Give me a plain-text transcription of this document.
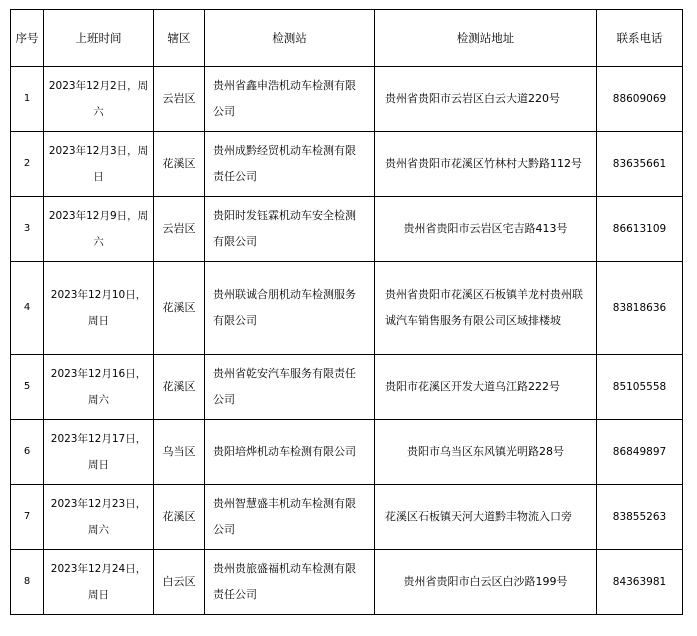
序号	上班时间	辖区	检测站	检测站地址	联系电话
1	2023年12月2日，周六	云岩区	贵州省鑫申浩机动车检测有限公司	贵州省贵阳市云岩区白云大道220号	88609069
2	2023年12月3日，周日	花溪区	贵州成黔经贸机动车检测有限责任公司	贵州省贵阳市花溪区竹林村大黔路112号	83635661
3	2023年12月9日，周六	云岩区	贵阳时发钰霖机动车安全检测有限公司	贵州省贵阳市云岩区宅吉路413号	86613109
4	2023年12月10日，周日	花溪区	贵州联诚合朋机动车检测服务有限公司	贵州省贵阳市花溪区石板镇羊龙村贵州联诚汽车销售服务有限公司区域排楼坡	83818636
5	2023年12月16日，周六	花溪区	贵州省乾安汽车服务有限责任公司	贵阳市花溪区开发大道乌江路222号	85105558
6	2023年12月17日，周日	乌当区	贵阳培烨机动车检测有限公司	贵阳市乌当区东风镇光明路28号	86849897
7	2023年12月23日，周六	花溪区	贵州智慧盛丰机动车检测有限公司	花溪区石板镇天河大道黔丰物流入口旁	83855263
8	2023年12月24日，周日	白云区	贵州贵旅盛福机动车检测有限责任公司	贵州省贵阳市白云区白沙路199号	84363981
